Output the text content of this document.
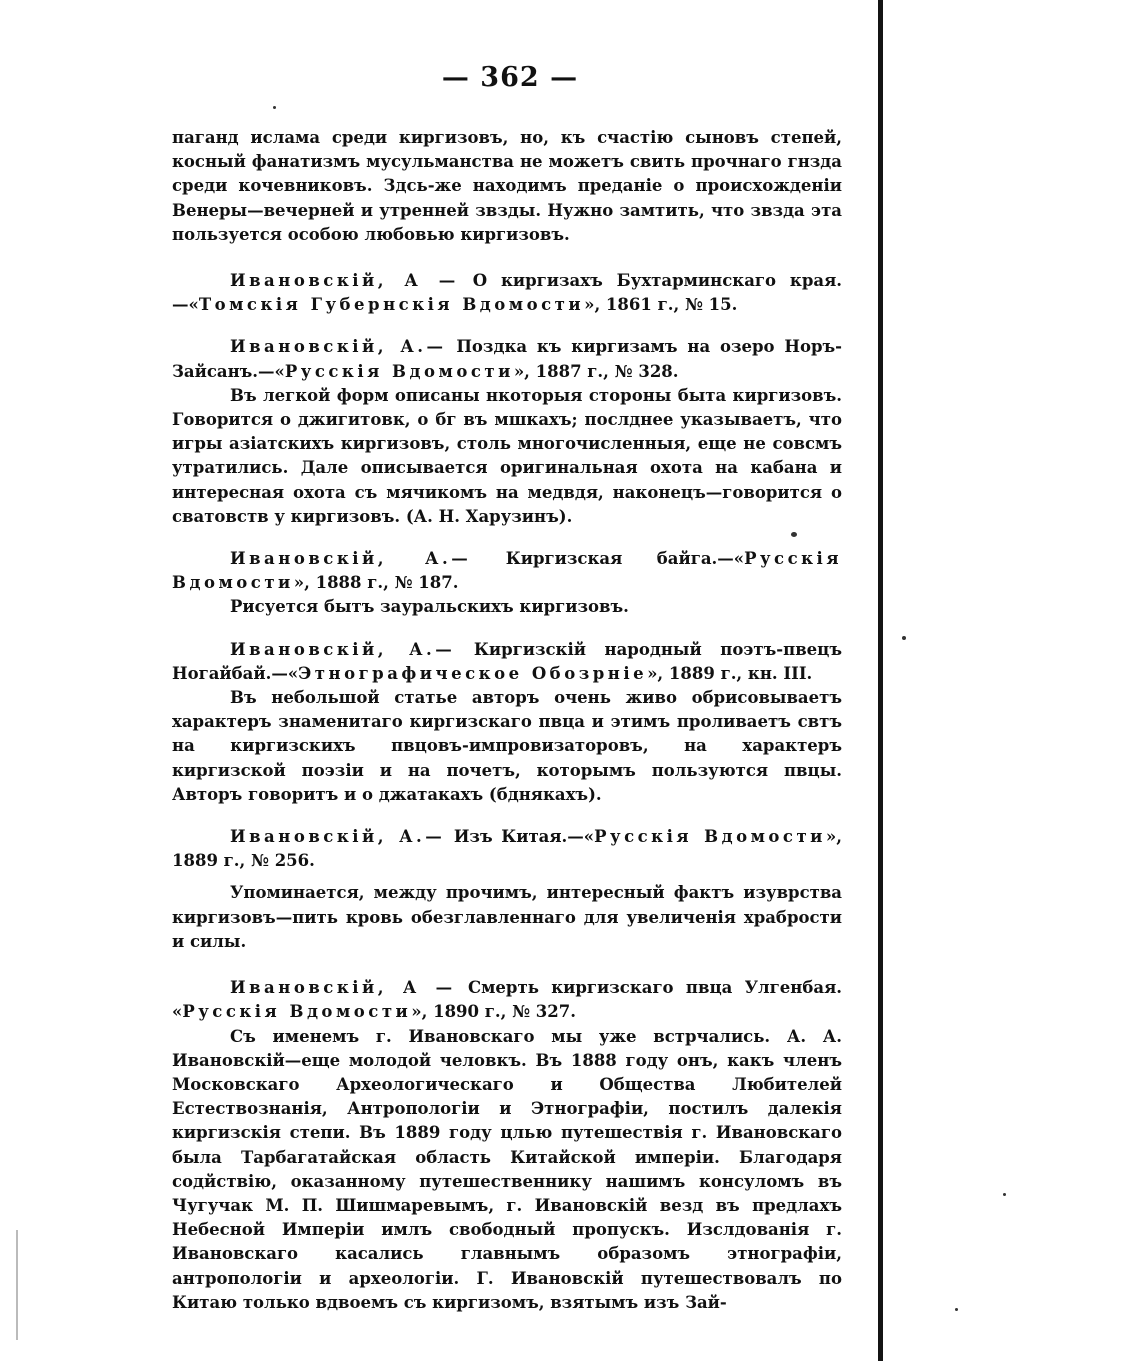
— 362 —

паганд ислама среди киргизовъ, но, къ счастію сыновъ степей, косный фанатизмъ мусульманства не можетъ свить прочнаго гнзда среди кочевниковъ. Здсь-же находимъ преданіе о происхожденіи Венеры—вечерней и утренней звзды. Нужно замтить, что звзда эта пользуется особою любовью киргизовъ.

Ивановскій, А — О киргизахъ Бухтарминскаго края.—«Томскія Губернскія Вдомости», 1861 г., № 15.

Ивановскій, А.— Поздка къ киргизамъ на озеро Норъ-Зайсанъ.—«Русскія Вдомости», 1887 г., № 328.

Въ легкой форм описаны нкоторыя стороны быта киргизовъ. Говорится о джигитовк, о бг въ мшкахъ; послднее указываетъ, что игры азіатскихъ киргизовъ, столь многочисленныя, еще не совсмъ утратились. Дале описывается оригинальная охота на кабана и интересная охота съ мячикомъ на медвдя, наконецъ—говорится о сватовств у киргизовъ. (А. Н. Харузинъ).

Ивановскій, А.— Киргизская байга.—«Русскія Вдомости», 1888 г., № 187.

Рисуется бытъ зауральскихъ киргизовъ.

Ивановскій, А.— Киргизскій народный поэтъ-пвецъ Ногайбай.—«Этнографическое Обозрніе», 1889 г., кн. III.

Въ небольшой статье авторъ очень живо обрисовываетъ характеръ знаменитаго киргизскаго пвца и этимъ проливаетъ свтъ на киргизскихъ пвцовъ-импровизаторовъ, на характеръ киргизской поэзіи и на почетъ, которымъ пользуются пвцы. Авторъ говоритъ и о джатакахъ (бднякахъ).

Ивановскій, А.— Изъ Китая.—«Русскія Вдомости», 1889 г., № 256.

Упоминается, между прочимъ, интересный фактъ изуврства киргизовъ—пить кровь обезглавленнаго для увеличенія храбрости и силы.

Ивановскій, А — Смерть киргизскаго пвца Улгенбая. «Русскія Вдомости», 1890 г., № 327.

Съ именемъ г. Ивановскаго мы уже встрчались. А. А. Ивановскій—еще молодой человкъ. Въ 1888 году онъ, какъ членъ Московскаго Археологическаго и Общества Любителей Естествознанія, Антропологіи и Этнографіи, постилъ далекія киргизскія степи. Въ 1889 году цлью путешествія г. Ивановскаго была Тарбагатайская область Китайской имперіи. Благодаря содйствію, оказанному путешественнику нашимъ консуломъ въ Чугучак М. П. Шишмаревымъ, г. Ивановскій везд въ предлахъ Небесной Имперіи имлъ свободный пропускъ. Изслдованія г. Ивановскаго касались главнымъ образомъ этнографіи, антропологіи и археологіи. Г. Ивановскій путешествовалъ по Китаю только вдвоемъ съ киргизомъ, взятымъ изъ Зай-
